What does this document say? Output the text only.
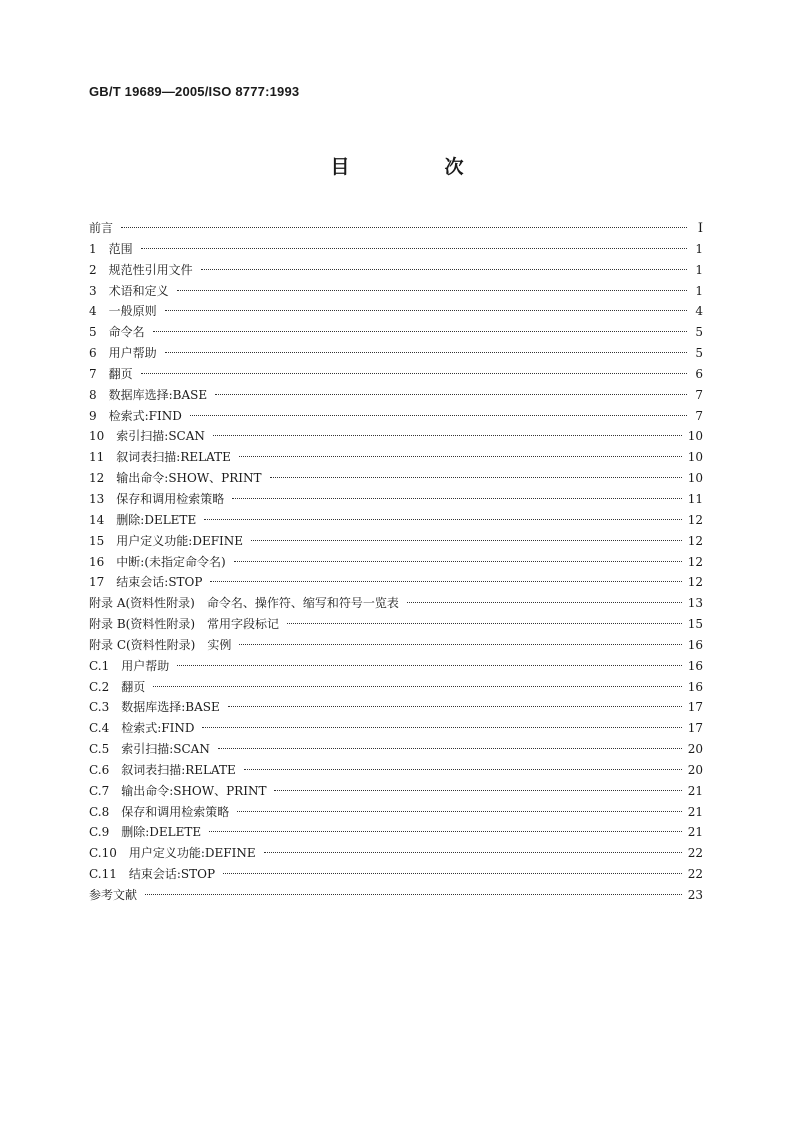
GB/T 19689—2005/ISO 8777:1993
目　次
前言	Ⅰ
1 范围	1
2 规范性引用文件	1
3 术语和定义	1
4 一般原则	4
5 命令名	5
6 用户帮助	5
7 翻页	6
8 数据库选择:BASE	7
9 检索式:FIND	7
10 索引扫描:SCAN	10
11 叙词表扫描:RELATE	10
12 输出命令:SHOW、PRINT	10
13 保存和调用检索策略	11
14 删除:DELETE	12
15 用户定义功能:DEFINE	12
16 中断:(未指定命令名)	12
17 结束会话:STOP	12
附录 A(资料性附录) 命令名、操作符、缩写和符号一览表	13
附录 B(资料性附录) 常用字段标记	15
附录 C(资料性附录) 实例	16
C.1 用户帮助	16
C.2 翻页	16
C.3 数据库选择:BASE	17
C.4 检索式:FIND	17
C.5 索引扫描:SCAN	20
C.6 叙词表扫描:RELATE	20
C.7 输出命令:SHOW、PRINT	21
C.8 保存和调用检索策略	21
C.9 删除:DELETE	21
C.10 用户定义功能:DEFINE	22
C.11 结束会话:STOP	22
参考文献	23
